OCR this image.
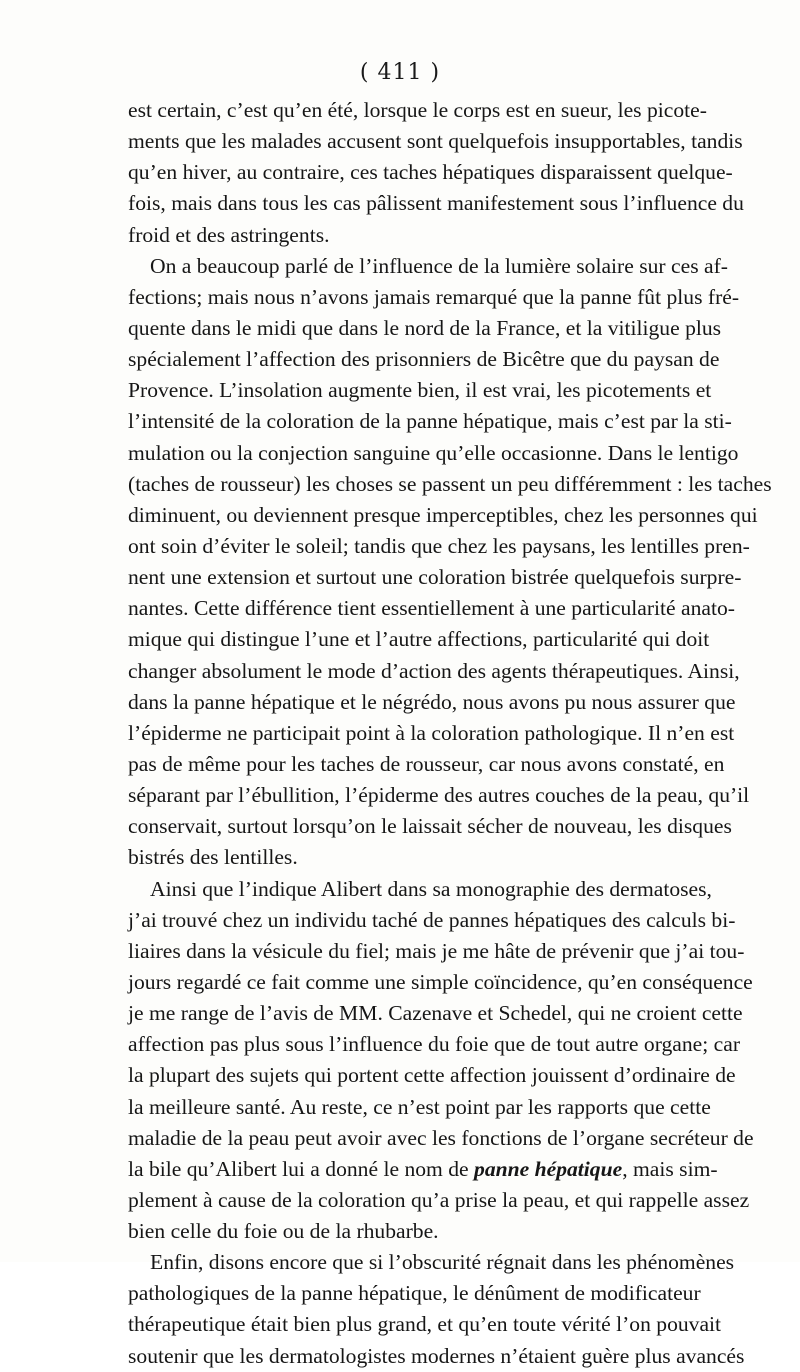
( 411 )
est certain, c’est qu’en été, lorsque le corps est en sueur, les picote-
ments que les malades accusent sont quelquefois insupportables, tandis
qu’en hiver, au contraire, ces taches hépatiques disparaissent quelque-
fois, mais dans tous les cas pâlissent manifestement sous l’influence du
froid et des astringents.
On a beaucoup parlé de l’influence de la lumière solaire sur ces af-
fections; mais nous n’avons jamais remarqué que la panne fût plus fré-
quente dans le midi que dans le nord de la France, et la vitiligue plus
spécialement l’affection des prisonniers de Bicêtre que du paysan de
Provence. L’insolation augmente bien, il est vrai, les picotements et
l’intensité de la coloration de la panne hépatique, mais c’est par la sti-
mulation ou la conjection sanguine qu’elle occasionne. Dans le lentigo
(taches de rousseur) les choses se passent un peu différemment : les taches
diminuent, ou deviennent presque imperceptibles, chez les personnes qui
ont soin d’éviter le soleil; tandis que chez les paysans, les lentilles pren-
nent une extension et surtout une coloration bistrée quelquefois surpre-
nantes. Cette différence tient essentiellement à une particularité anato-
mique qui distingue l’une et l’autre affections, particularité qui doit
changer absolument le mode d’action des agents thérapeutiques. Ainsi,
dans la panne hépatique et le négrédo, nous avons pu nous assurer que
l’épiderme ne participait point à la coloration pathologique. Il n’en est
pas de même pour les taches de rousseur, car nous avons constaté, en
séparant par l’ébullition, l’épiderme des autres couches de la peau, qu’il
conservait, surtout lorsqu’on le laissait sécher de nouveau, les disques
bistrés des lentilles.
Ainsi que l’indique Alibert dans sa monographie des dermatoses,
j’ai trouvé chez un individu taché de pannes hépatiques des calculs bi-
liaires dans la vésicule du fiel; mais je me hâte de prévenir que j’ai tou-
jours regardé ce fait comme une simple coïncidence, qu’en conséquence
je me range de l’avis de MM. Cazenave et Schedel, qui ne croient cette
affection pas plus sous l’influence du foie que de tout autre organe; car
la plupart des sujets qui portent cette affection jouissent d’ordinaire de
la meilleure santé. Au reste, ce n’est point par les rapports que cette
maladie de la peau peut avoir avec les fonctions de l’organe secréteur de
la bile qu’Alibert lui a donné le nom de panne hépatique, mais sim-
plement à cause de la coloration qu’a prise la peau, et qui rappelle assez
bien celle du foie ou de la rhubarbe.
Enfin, disons encore que si l’obscurité régnait dans les phénomènes
pathologiques de la panne hépatique, le dénûment de modificateur
thérapeutique était bien plus grand, et qu’en toute vérité l’on pouvait
soutenir que les dermatologistes modernes n’étaient guère plus avancés
